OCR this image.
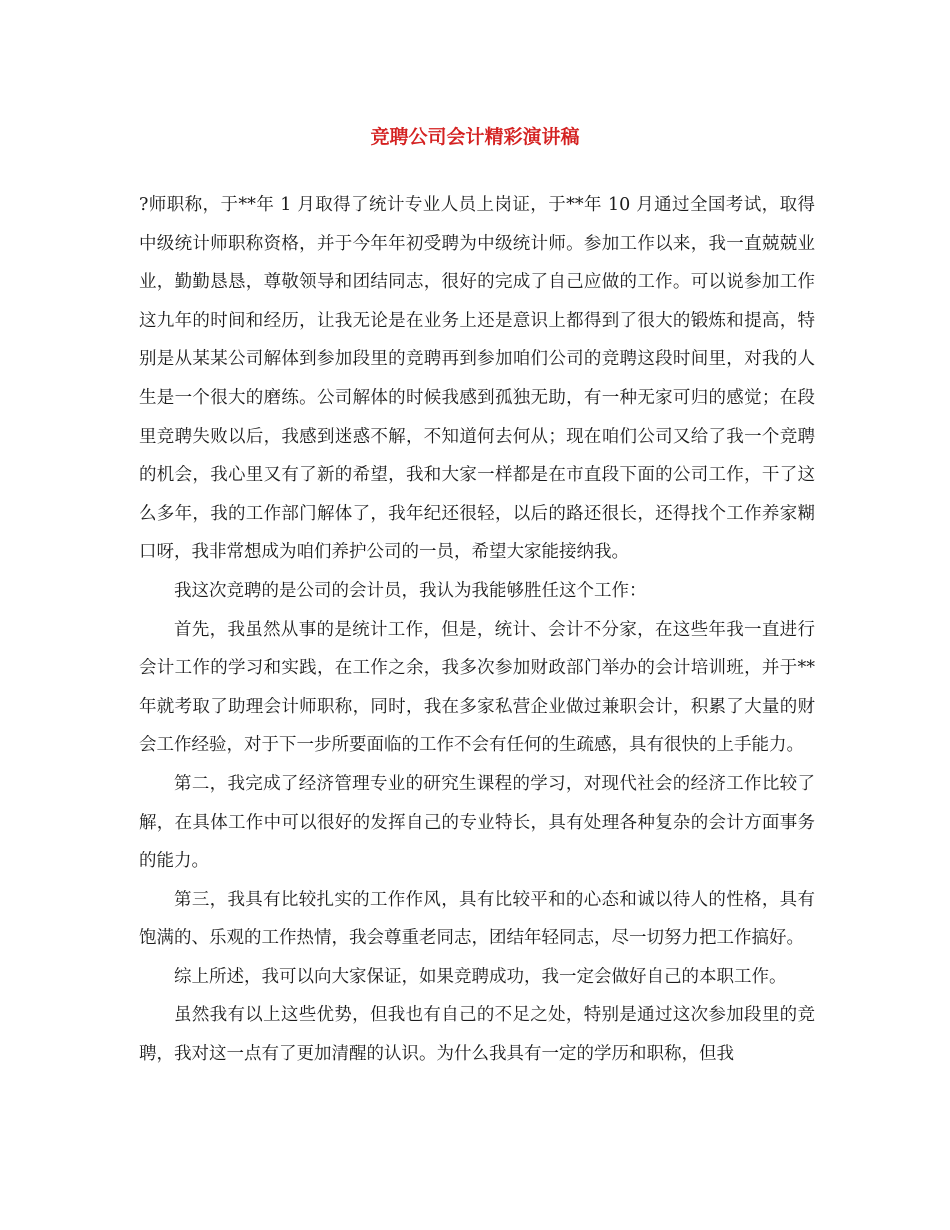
竞聘公司会计精彩演讲稿

?师职称，于**年 1 月取得了统计专业人员上岗证，于**年 10 月通过全国考试，取得中级统计师职称资格，并于今年年初受聘为中级统计师。参加工作以来，我一直兢兢业业，勤勤恳恳，尊敬领导和团结同志，很好的完成了自己应做的工作。可以说参加工作这九年的时间和经历，让我无论是在业务上还是意识上都得到了很大的锻炼和提高，特别是从某某公司解体到参加段里的竞聘再到参加咱们公司的竞聘这段时间里，对我的人生是一个很大的磨练。公司解体的时候我感到孤独无助，有一种无家可归的感觉；在段里竞聘失败以后，我感到迷惑不解，不知道何去何从；现在咱们公司又给了我一个竞聘的机会，我心里又有了新的希望，我和大家一样都是在市直段下面的公司工作，干了这么多年，我的工作部门解体了，我年纪还很轻，以后的路还很长，还得找个工作养家糊口呀，我非常想成为咱们养护公司的一员，希望大家能接纳我。

我这次竞聘的是公司的会计员，我认为我能够胜任这个工作：

首先，我虽然从事的是统计工作，但是，统计、会计不分家，在这些年我一直进行会计工作的学习和实践，在工作之余，我多次参加财政部门举办的会计培训班，并于**年就考取了助理会计师职称，同时，我在多家私营企业做过兼职会计，积累了大量的财会工作经验，对于下一步所要面临的工作不会有任何的生疏感，具有很快的上手能力。

第二，我完成了经济管理专业的研究生课程的学习，对现代社会的经济工作比较了解，在具体工作中可以很好的发挥自己的专业特长，具有处理各种复杂的会计方面事务的能力。

第三，我具有比较扎实的工作作风，具有比较平和的心态和诚以待人的性格，具有饱满的、乐观的工作热情，我会尊重老同志，团结年轻同志，尽一切努力把工作搞好。

综上所述，我可以向大家保证，如果竞聘成功，我一定会做好自己的本职工作。

虽然我有以上这些优势，但我也有自己的不足之处，特别是通过这次参加段里的竞聘，我对这一点有了更加清醒的认识。为什么我具有一定的学历和职称，但我
